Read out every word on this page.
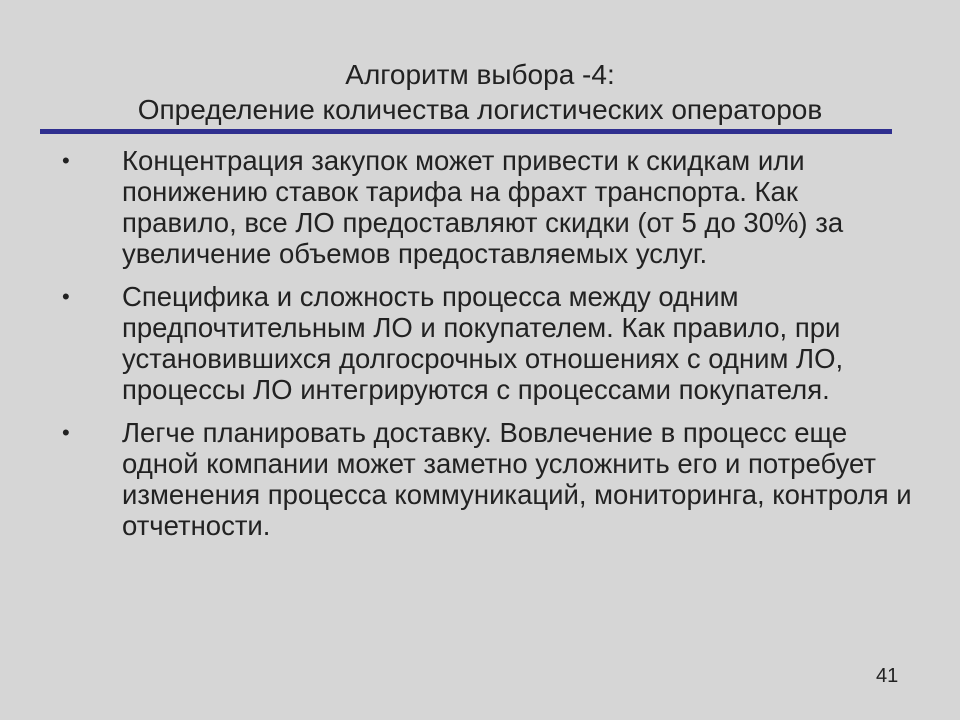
Алгоритм выбора -4:
Определение количества логистических операторов
• Концентрация закупок может привести к скидкам или понижению ставок тарифа на фрахт транспорта. Как правило, все ЛО предоставляют скидки (от 5 до 30%) за увеличение объемов предоставляемых услуг.
• Специфика и сложность процесса между одним предпочтительным ЛО и покупателем. Как правило, при установившихся долгосрочных отношениях с одним ЛО, процессы ЛО интегрируются с процессами покупателя.
• Легче планировать доставку. Вовлечение в процесс еще одной компании может заметно усложнить его и потребует изменения процесса коммуникаций, мониторинга, контроля и отчетности.
41
